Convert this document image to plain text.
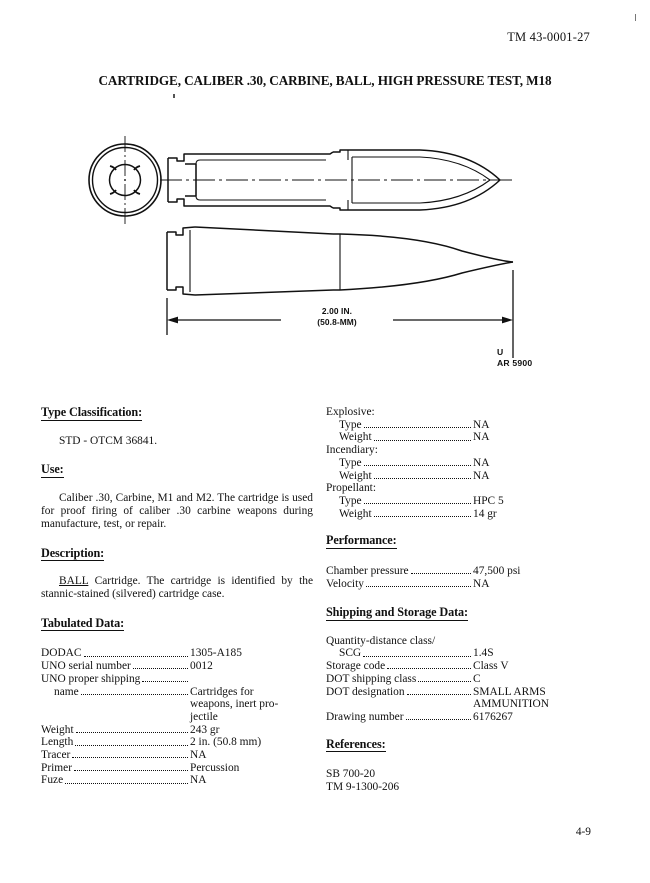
TM 43-0001-27
CARTRIDGE, CALIBER .30, CARBINE, BALL, HIGH PRESSURE TEST, M18
2.00 IN.
(50.8-MM)
U
AR 5900
Type Classification:

STD - OTCM 36841.

Use:

Caliber .30, Carbine, M1 and M2. The cartridge is used for proof firing of caliber .30 carbine weapons during manufacture, test, or repair.

Description:

BALL Cartridge. The cartridge is identified by the stannic-stained (silvered) cartridge case.

Tabulated Data:
DODAC	1305-A185
UNO serial number	0012
UNO proper shipping
name	Cartridges for
weapons, inert pro-
jectile
Weight	243 gr
Length	2 in. (50.8 mm)
Tracer	NA
Primer	Percussion
Fuze	NA
Explosive:
Type	NA
Weight	NA
Incendiary:
Type	NA
Weight	NA
Propellant:
Type	HPC 5
Weight	14 gr
Performance:
Chamber pressure	47,500 psi
Velocity	NA
Shipping and Storage Data:
Quantity-distance class/
SCG	1.4S
Storage code	Class V
DOT shipping class	C
DOT designation	SMALL ARMS
AMMUNITION
Drawing number	6176267
References:
SB 700-20
TM 9-1300-206
4-9
